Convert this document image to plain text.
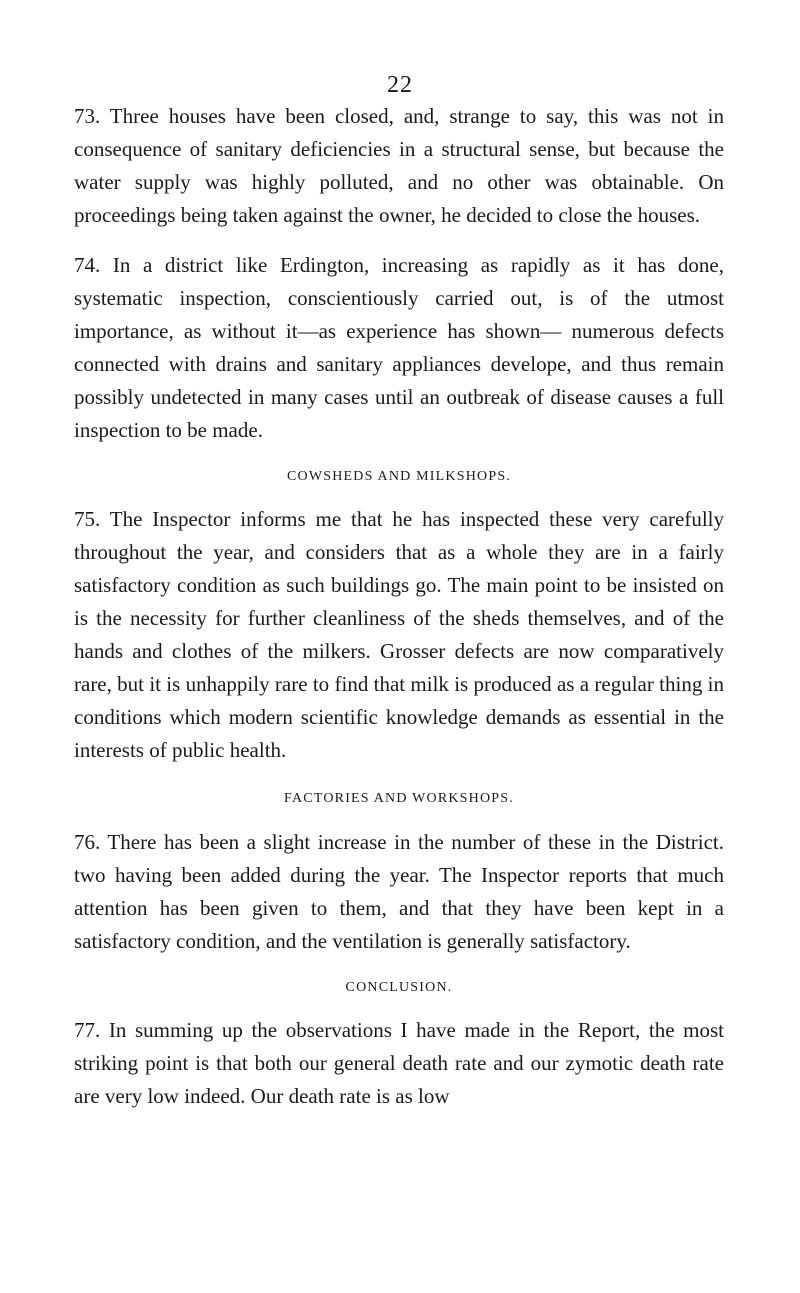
22

73. Three houses have been closed, and, strange to say, this was not in consequence of sanitary deficiencies in a structural sense, but because the water supply was highly polluted, and no other was obtainable. On proceedings being taken against the owner, he decided to close the houses.

74. In a district like Erdington, increasing as rapidly as it has done, systematic inspection, conscientiously carried out, is of the utmost importance, as without it—as experience has shown— numerous defects connected with drains and sanitary appliances develope, and thus remain possibly undetected in many cases until an outbreak of disease causes a full inspection to be made.

COWSHEDS AND MILKSHOPS.

75. The Inspector informs me that he has inspected these very carefully throughout the year, and considers that as a whole they are in a fairly satisfactory condition as such buildings go. The main point to be insisted on is the necessity for further cleanliness of the sheds themselves, and of the hands and clothes of the milkers. Grosser defects are now comparatively rare, but it is unhappily rare to find that milk is produced as a regular thing in conditions which modern scientific knowledge demands as essential in the interests of public health.

FACTORIES AND WORKSHOPS.

76. There has been a slight increase in the number of these in the District. two having been added during the year. The Inspector reports that much attention has been given to them, and that they have been kept in a satisfactory condition, and the ventilation is generally satisfactory.

CONCLUSION.

77. In summing up the observations I have made in the Report, the most striking point is that both our general death rate and our zymotic death rate are very low indeed. Our death rate is as low
